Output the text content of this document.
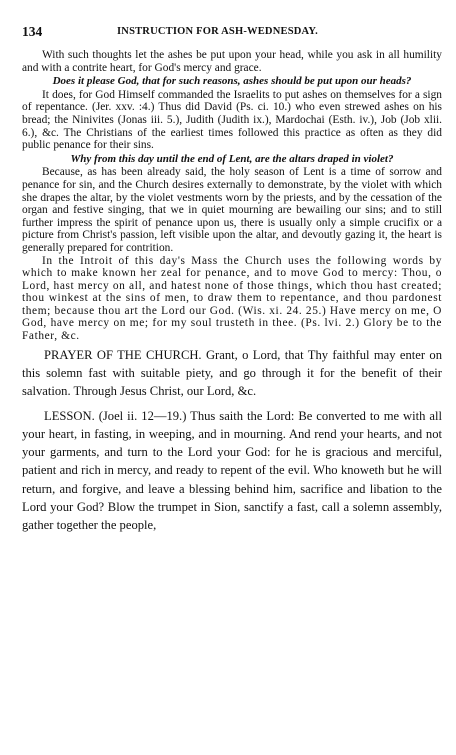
134	INSTRUCTION FOR ASH-WEDNESDAY.

With such thoughts let the ashes be put upon your head, while you ask in all humility and with a contrite heart, for God's mercy and grace.

Does it please God, that for such reasons, ashes should be put upon our heads?

It does, for God Himself commanded the Israelits to put ashes on themselves for a sign of repentance. (Jer. xxv. :4.) Thus did David (Ps. ci. 10.) who even strewed ashes on his bread; the Ninivites (Jonas iii. 5.), Judith (Judith ix.), Mardochai (Esth. iv.), Job (Job xlii. 6.), &c. The Christians of the earliest times followed this practice as often as they did public penance for their sins.

Why from this day until the end of Lent, are the altars draped in violet?

Because, as has been already said, the holy season of Lent is a time of sorrow and penance for sin, and the Church desires externally to demonstrate, by the violet with which she drapes the altar, by the violet vestments worn by the priests, and by the cessation of the organ and festive singing, that we in quiet mourning are bewailing our sins; and to still further impress the spirit of penance upon us, there is usually only a simple crucifix or a picture from Christ's passion, left visible upon the altar, and devoutly gazing it, the heart is generally prepared for contrition.

In the Introit of this day's Mass the Church uses the following words by which to make known her zeal for penance, and to move God to mercy: Thou, o Lord, hast mercy on all, and hatest none of those things, which thou hast created; thou winkest at the sins of men, to draw them to repentance, and thou pardonest them; because thou art the Lord our God. (Wis. xi. 24. 25.) Have mercy on me, O God, have mercy on me; for my soul trusteth in thee. (Ps. lvi. 2.) Glory be to the Father, &c.

PRAYER OF THE CHURCH. Grant, o Lord, that Thy faithful may enter on this solemn fast with suitable piety, and go through it for the benefit of their salvation. Through Jesus Christ, our Lord, &c.

LESSON. (Joel ii. 12—19.) Thus saith the Lord: Be converted to me with all your heart, in fasting, in weeping, and in mourning. And rend your hearts, and not your garments, and turn to the Lord your God: for he is gracious and merciful, patient and rich in mercy, and ready to repent of the evil. Who knoweth but he will return, and forgive, and leave a blessing behind him, sacrifice and libation to the Lord your God? Blow the trumpet in Sion, sanctify a fast, call a solemn assembly, gather together the people,
